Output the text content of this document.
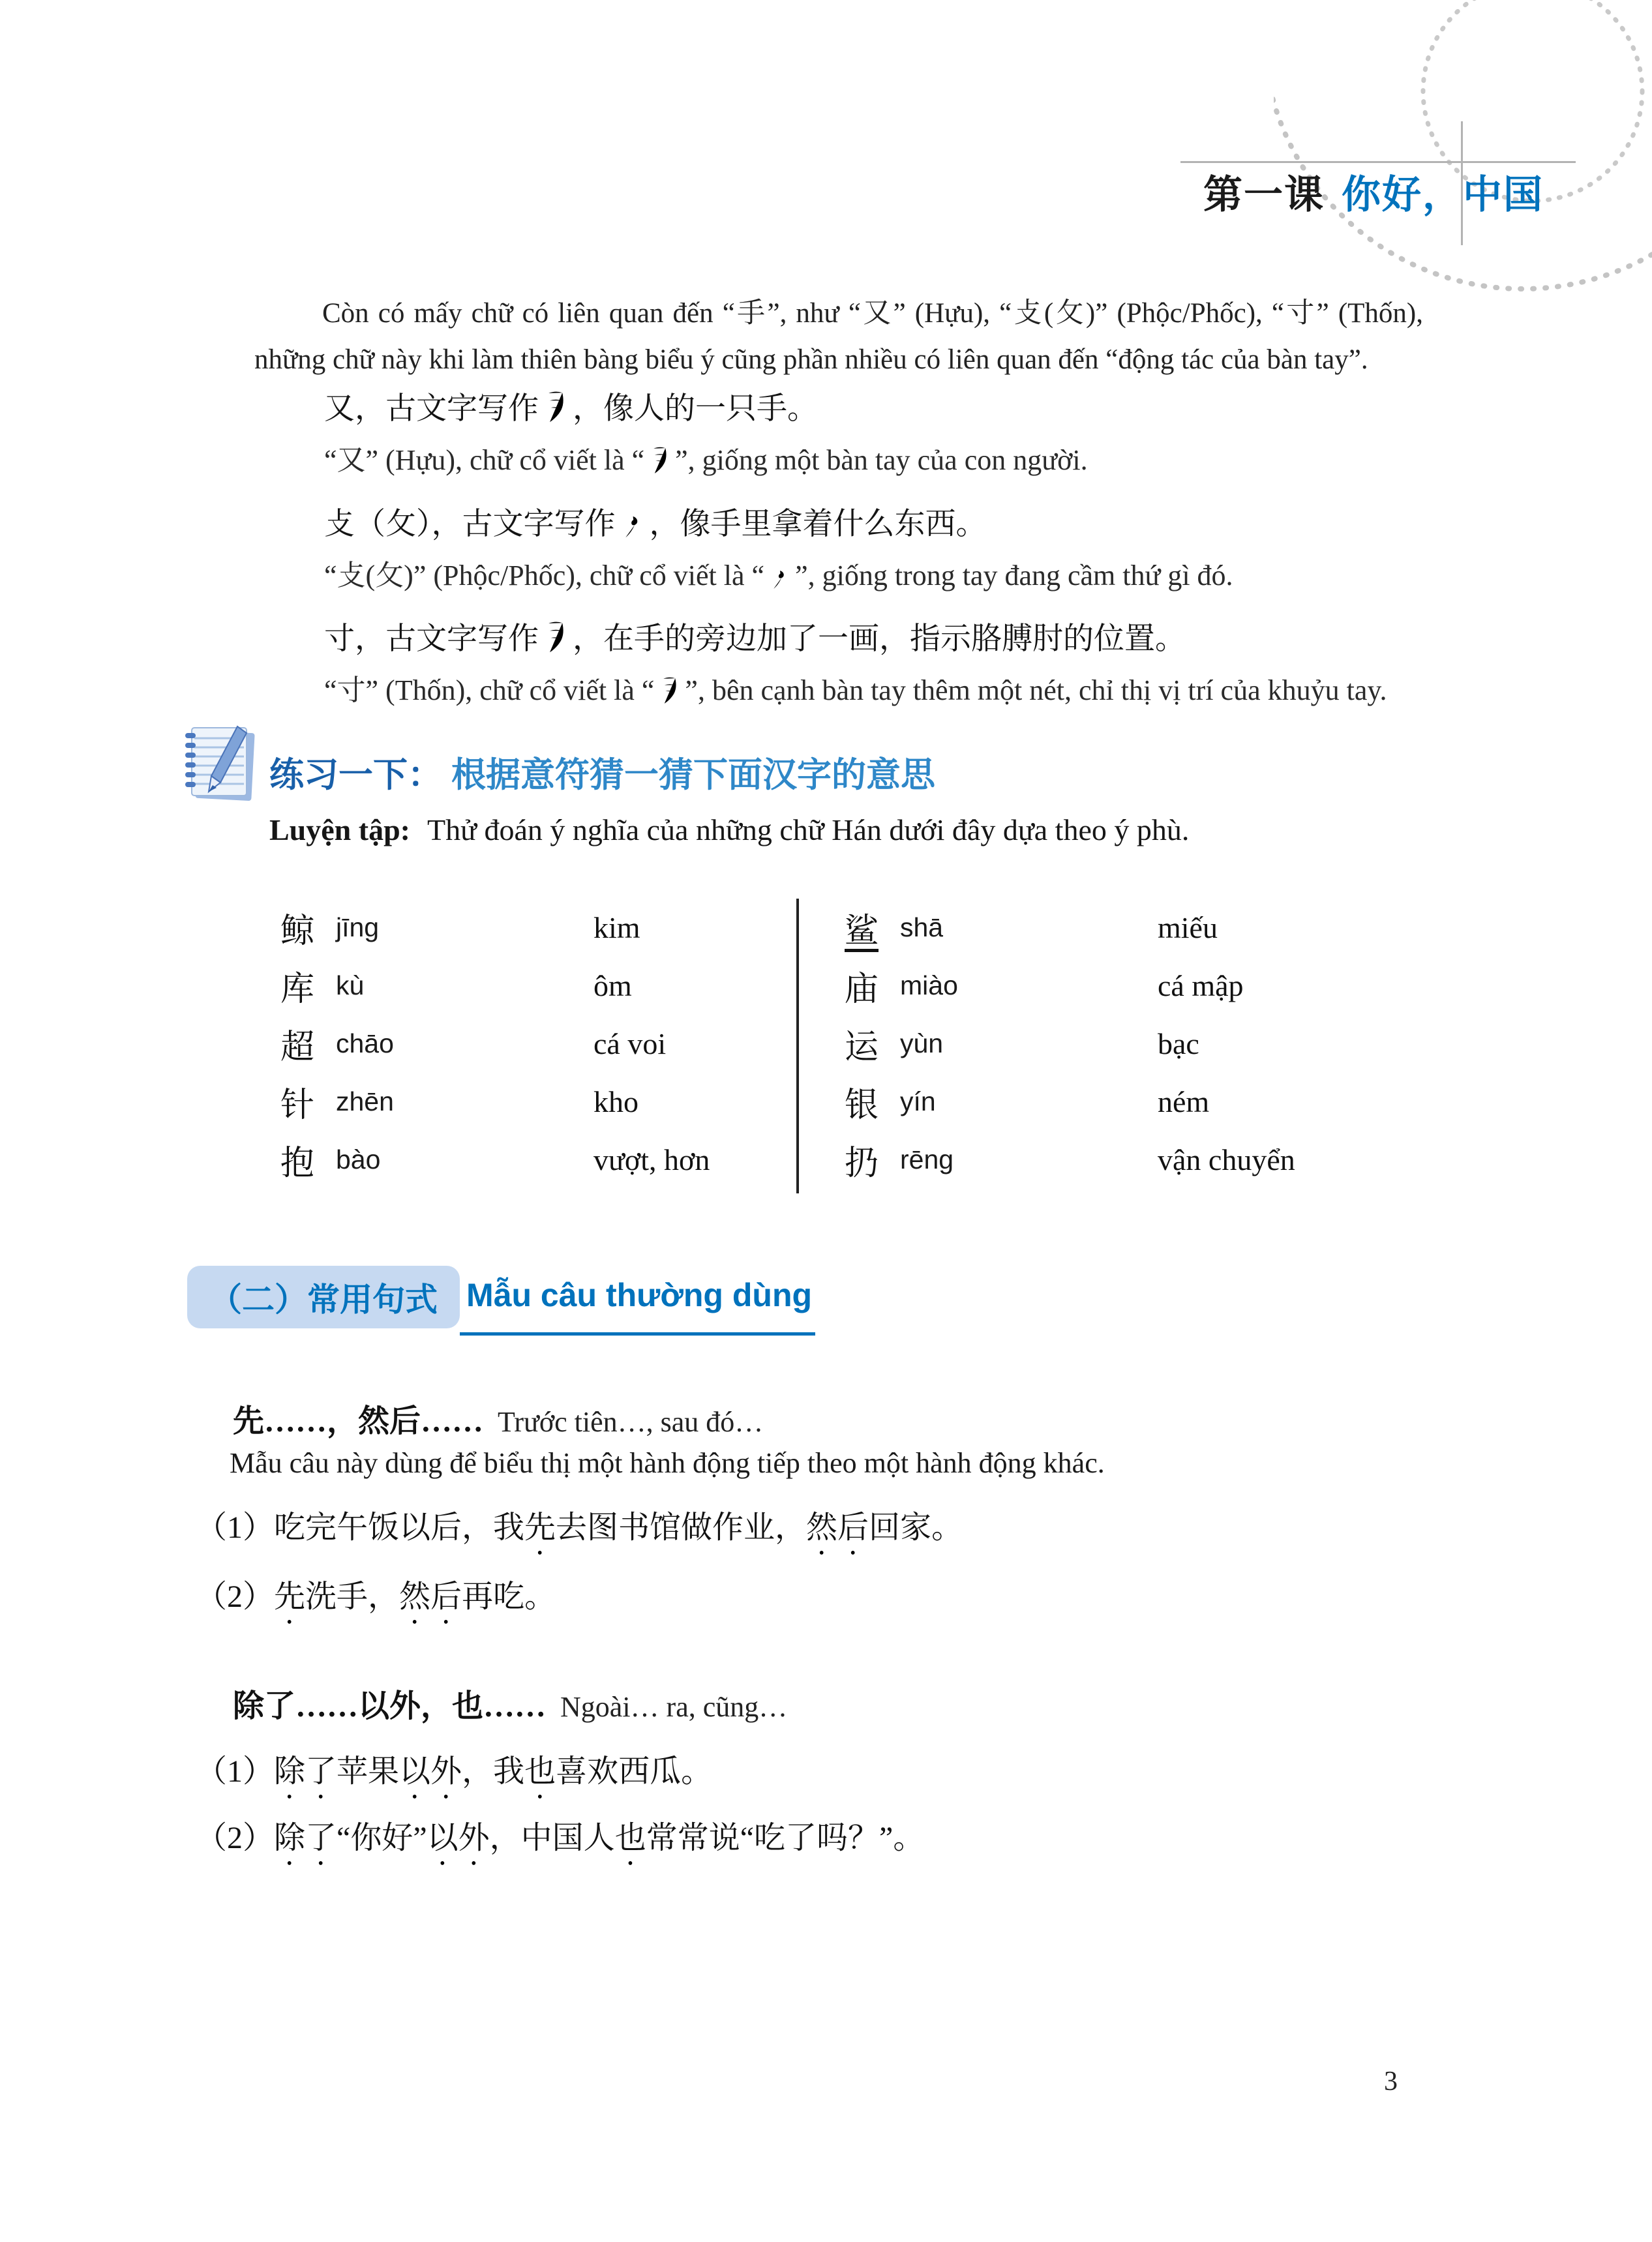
第一课 你好，中国

Còn có mấy chữ có liên quan đến “手”, như “又” (Hựu), “攴(攵)” (Phộc/Phốc), “寸” (Thốn), những chữ này khi làm thiên bàng biểu ý cũng phần nhiều có liên quan đến “động tác của bàn tay”.

又，古文字写作 ，像人的一只手。
“又” (Hựu), chữ cổ viết là “ ”, giống một bàn tay của con người.
攴（攵），古文字写作 ，像手里拿着什么东西。
“攴(攵)” (Phộc/Phốc), chữ cổ viết là “ ”, giống trong tay đang cầm thứ gì đó.
寸，古文字写作 ，在手的旁边加了一画，指示胳膊肘的位置。
“寸” (Thốn), chữ cổ viết là “ ”, bên cạnh bàn tay thêm một nét, chỉ thị vị trí của khuỷu tay.
练习一下： 根据意符猜一猜下面汉字的意思
Luyện tập: Thử đoán ý nghĩa của những chữ Hán dưới đây dựa theo ý phù.
鲸 jīng	kim
库 kù	ôm
超 chāo	cá voi
针 zhēn	kho
抱 bào	vượt, hơn
鲨 shā	miếu
庙 miào	cá mập
运 yùn	bạc
银 yín	ném
扔 rēng	vận chuyển
（二）常用句式 Mẫu câu thường dùng
先……，然后…… Trước tiên…, sau đó…
Mẫu câu này dùng để biểu thị một hành động tiếp theo một hành động khác.
（1）吃完午饭以后，我先去图书馆做作业，然后回家。
（2）先洗手，然后再吃。
除了……以外，也…… Ngoài… ra, cũng…
（1）除了苹果以外，我也喜欢西瓜。
（2）除了“你好”以外，中国人也常常说“吃了吗？”。
3
